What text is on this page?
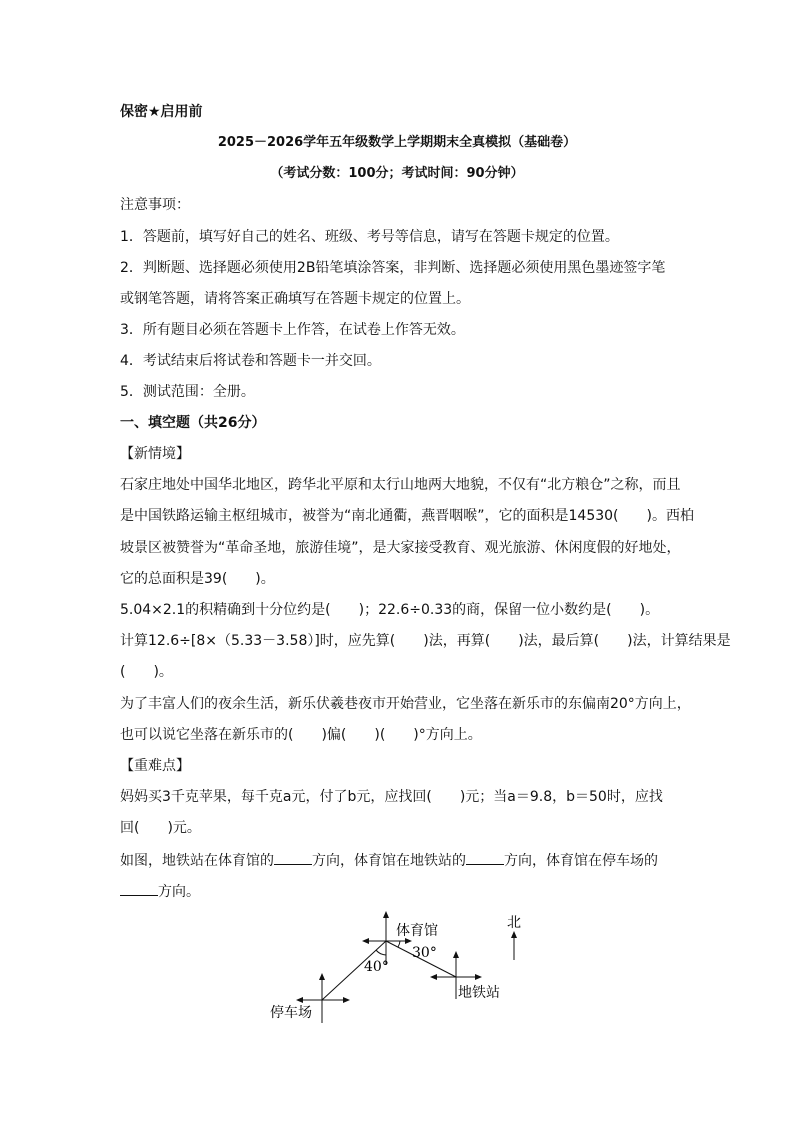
保密★启用前
2025－2026学年五年级数学上学期期末全真模拟（基础卷）
（考试分数：100分；考试时间：90分钟）
注意事项：
1．答题前，填写好自己的姓名、班级、考号等信息，请写在答题卡规定的位置。
2．判断题、选择题必须使用2B铅笔填涂答案，非判断、选择题必须使用黑色墨迹签字笔
或钢笔答题，请将答案正确填写在答题卡规定的位置上。
3．所有题目必须在答题卡上作答，在试卷上作答无效。
4．考试结束后将试卷和答题卡一并交回。
5．测试范围：全册。
一、填空题（共26分）
【新情境】
石家庄地处中国华北地区，跨华北平原和太行山地两大地貌，不仅有“北方粮仓”之称，而且
是中国铁路运输主枢纽城市，被誉为“南北通衢，燕晋咽喉”，它的面积是14530(　　)。西柏
坡景区被赞誉为“革命圣地，旅游佳境”，是大家接受教育、观光旅游、休闲度假的好地处，
它的总面积是39(　　)。
5.04×2.1的积精确到十分位约是(　　)；22.6÷0.33的商，保留一位小数约是(　　)。
计算12.6÷[8×（5.33－3.58）]时，应先算(　　)法，再算(　　)法，最后算(　　)法，计算结果是
(　　)。
为了丰富人们的夜余生活，新乐伏羲巷夜市开始营业，它坐落在新乐市的东偏南20°方向上，
也可以说它坐落在新乐市的(　　)偏(　　)(　　)°方向上。
【重难点】
妈妈买3千克苹果，每千克a元，付了b元，应找回(　　)元；当a＝9.8，b＝50时，应找
回(　　)元。
如图，地铁站在体育馆的	方向，体育馆在地铁站的	方向，体育馆在停车场的
方向。
体育馆
30°
40°
地铁站
停车场
北
